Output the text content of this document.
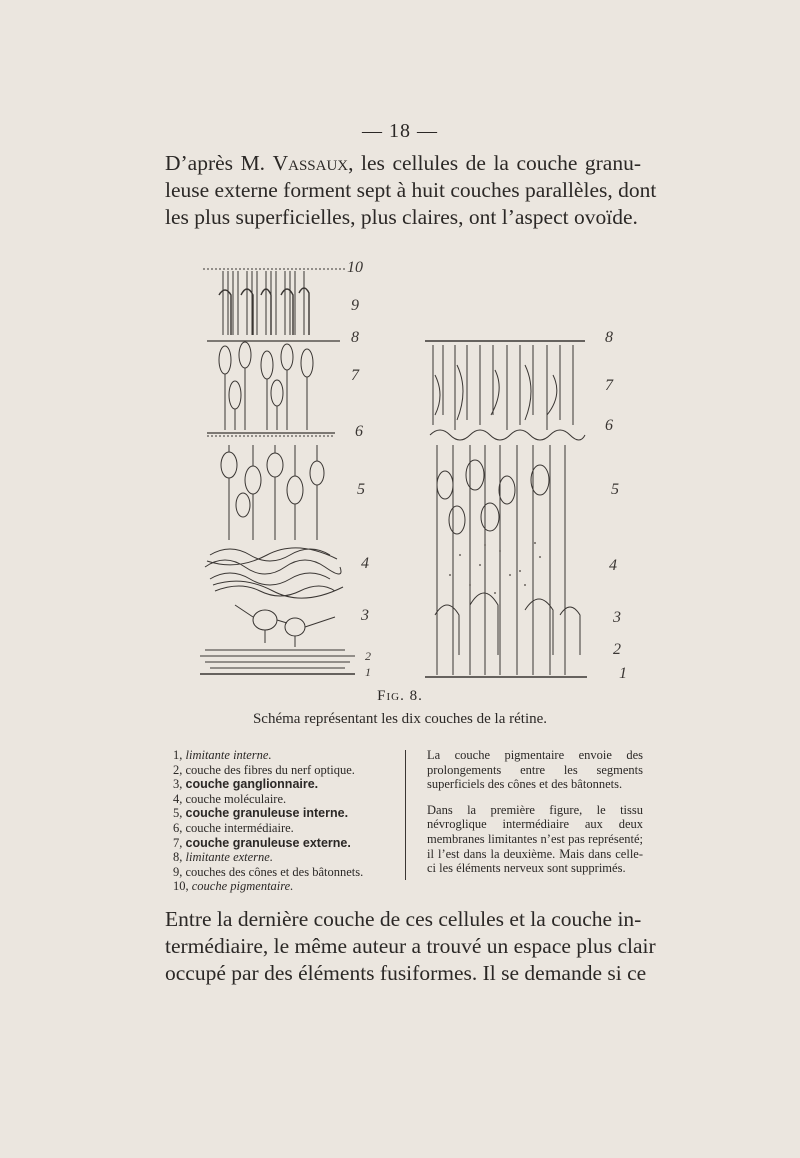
— 18 —
D’après M. Vassaux, les cellules de la couche granu-
leuse externe forment sept à huit couches parallèles, dont
les plus superficielles, plus claires, ont l’aspect ovoïde.
10
9
8
7
6
5
4
3
2
1
8
7
6
5
4
3
2
1
Fig. 8.
Schéma représentant les dix couches de la rétine.
1, limitante interne.
2, couche des fibres du nerf optique.
3, couche ganglionnaire.
4, couche moléculaire.
5, couche granuleuse interne.
6, couche intermédiaire.
7, couche granuleuse externe.
8, limitante externe.
9, couches des cônes et des bâtonnets.
10, couche pigmentaire.

La couche pigmentaire envoie des prolongements entre les segments superficiels des cônes et des bâtonnets.

Dans la première figure, le tissu névroglique intermédiaire aux deux membranes limitantes n’est pas représenté; il l’est dans la deuxième. Mais dans celle-ci les éléments nerveux sont supprimés.

Entre la dernière couche de ces cellules et la couche in-
termédiaire, le même auteur a trouvé un espace plus clair
occupé par des éléments fusiformes. Il se demande si ce
